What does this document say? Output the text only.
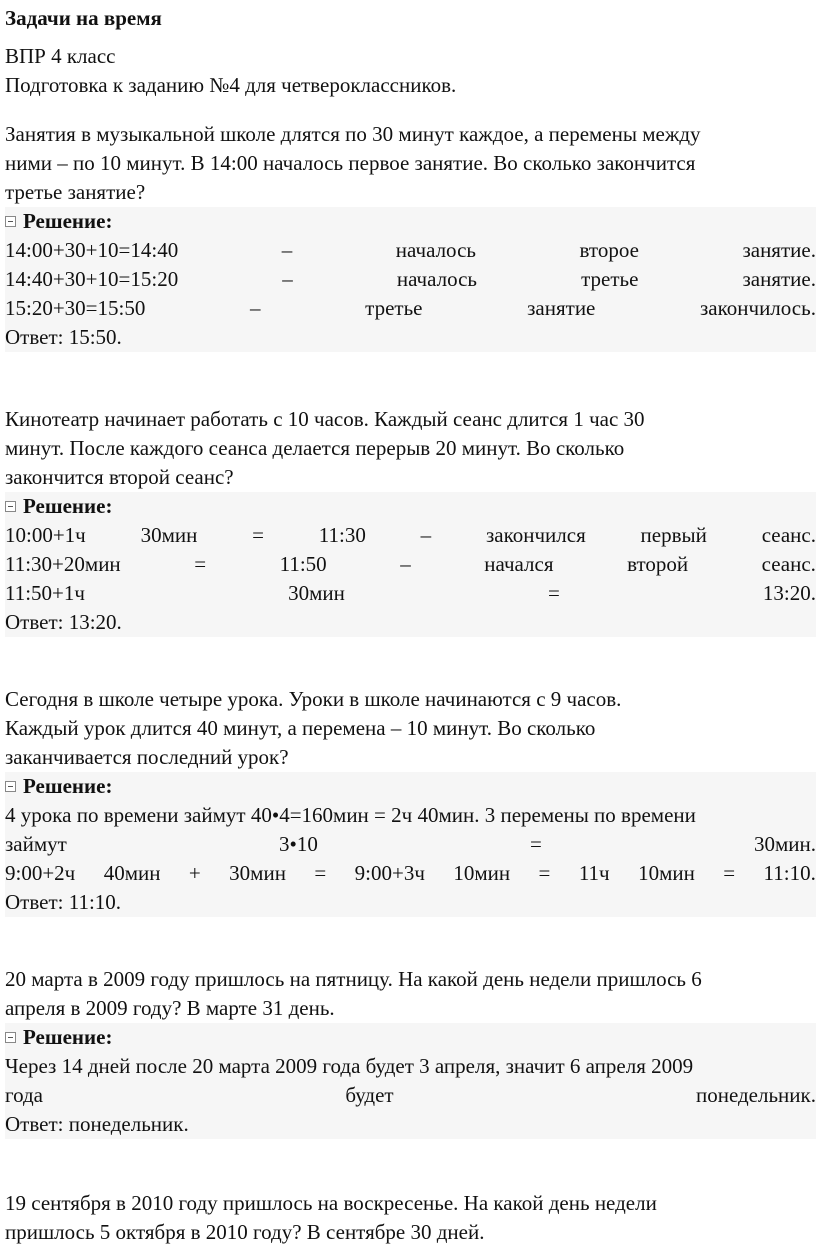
Задачи на время
ВПР 4 класс
Подготовка к заданию №4 для четвероклассников.
Занятия в музыкальной школе длятся по 30 минут каждое, а перемены между
ними – по 10 минут. В 14:00 началось первое занятие. Во сколько закончится
третье занятие?
Решение:
14:00+30+10=14:40	–	началось	второе	занятие.
14:40+30+10=15:20	–	началось	третье	занятие.
15:20+30=15:50	–	третье	занятие	закончилось.
Ответ: 15:50.
Кинотеатр начинает работать с 10 часов. Каждый сеанс длится 1 час 30
минут. После каждого сеанса делается перерыв 20 минут. Во сколько
закончится второй сеанс?
Решение:
10:00+1ч	30мин	=	11:30	–	закончился	первый	сеанс.
11:30+20мин	=	11:50	–	начался	второй	сеанс.
11:50+1ч	30мин	=	13:20.
Ответ: 13:20.
Сегодня в школе четыре урока. Уроки в школе начинаются с 9 часов.
Каждый урок длится 40 минут, а перемена – 10 минут. Во сколько
заканчивается последний урок?
Решение:
4 урока по времени займут 40•4=160мин = 2ч 40мин. 3 перемены по времени
займут	3•10	=	30мин.
9:00+2ч 40мин + 30мин = 9:00+3ч 10мин = 11ч 10мин = 11:10.
Ответ: 11:10.
20 марта в 2009 году пришлось на пятницу. На какой день недели пришлось 6
апреля в 2009 году? В марте 31 день.
Решение:
Через 14 дней после 20 марта 2009 года будет 3 апреля, значит 6 апреля 2009
года	будет	понедельник.
Ответ: понедельник.
19 сентября в 2010 году пришлось на воскресенье. На какой день недели
пришлось 5 октября в 2010 году? В сентябре 30 дней.
